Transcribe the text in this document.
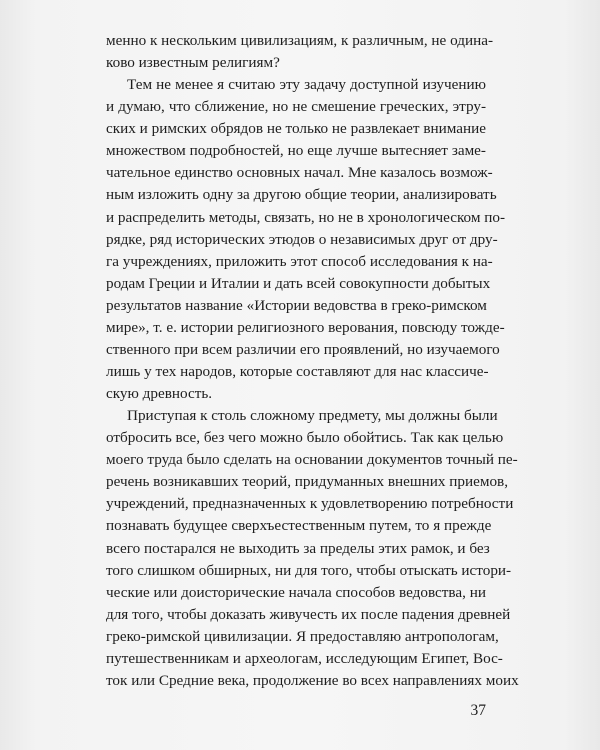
менно к нескольким цивилизациям, к различным, не одина-
ково известным религиям?
Тем не менее я считаю эту задачу доступной изучению
и думаю, что сближение, но не смешение греческих, этру-
ских и римских обрядов не только не развлекает внимание
множеством подробностей, но еще лучше вытесняет заме-
чательное единство основных начал. Мне казалось возмож-
ным изложить одну за другою общие теории, анализировать
и распределить методы, связать, но не в хронологическом по-
рядке, ряд исторических этюдов о независимых друг от дру-
га учреждениях, приложить этот способ исследования к на-
родам Греции и Италии и дать всей совокупности добытых
результатов название «Истории ведовства в греко-римском
мире», т. е. истории религиозного верования, повсюду тожде-
ственного при всем различии его проявлений, но изучаемого
лишь у тех народов, которые составляют для нас классиче-
скую древность.
Приступая к столь сложному предмету, мы должны были
отбросить все, без чего можно было обойтись. Так как целью
моего труда было сделать на основании документов точный пе-
речень возникавших теорий, придуманных внешних приемов,
учреждений, предназначенных к удовлетворению потребности
познавать будущее сверхъестественным путем, то я прежде
всего постарался не выходить за пределы этих рамок, и без
того слишком обширных, ни для того, чтобы отыскать истори-
ческие или доисторические начала способов ведовства, ни
для того, чтобы доказать живучесть их после падения древней
греко-римской цивилизации. Я предоставляю антропологам,
путешественникам и археологам, исследующим Египет, Вос-
ток или Средние века, продолжение во всех направлениях моих
37
